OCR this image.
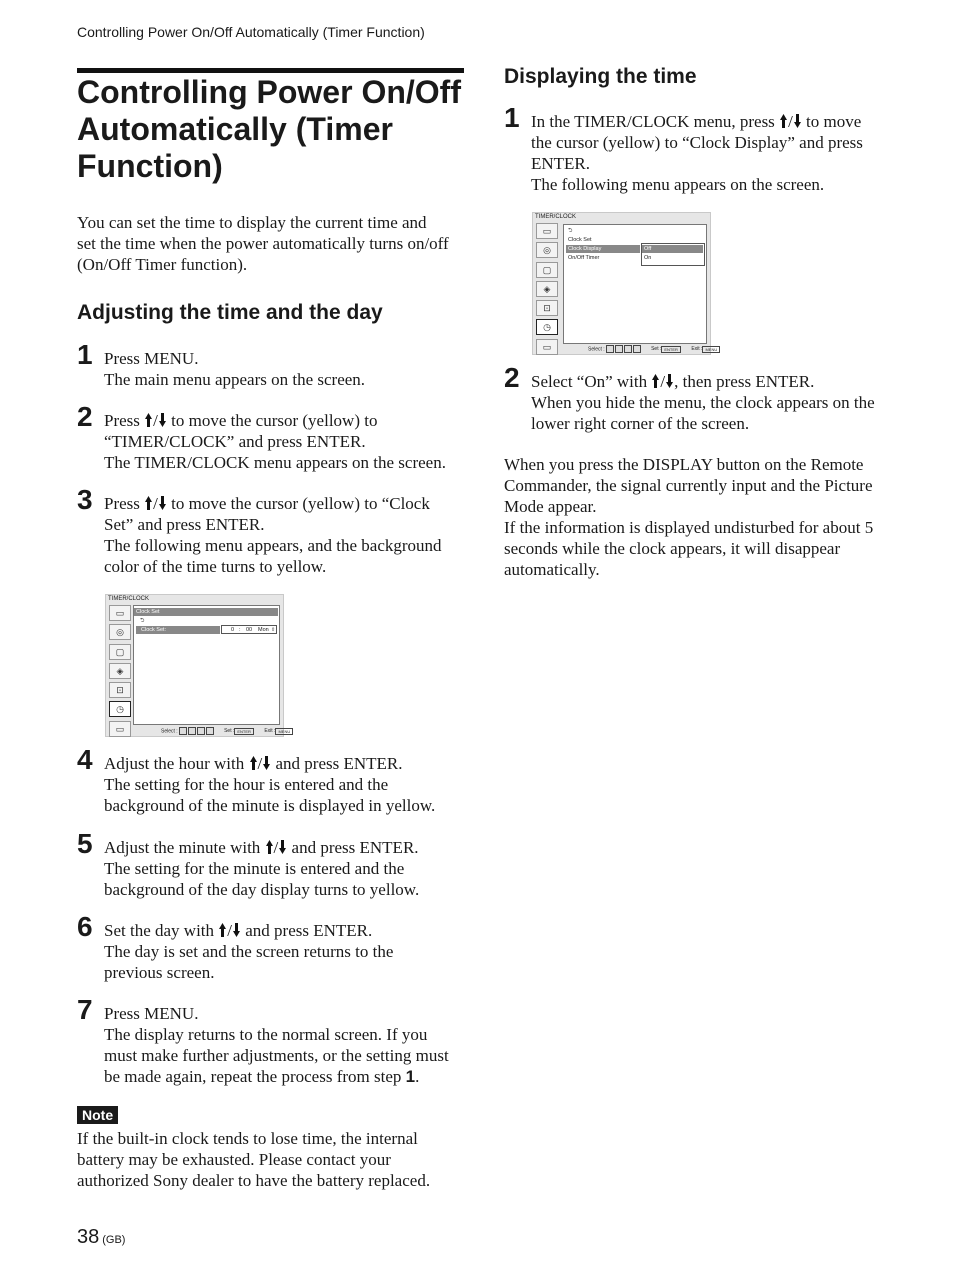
Controlling Power On/Off Automatically (Timer Function)
Controlling Power On/Off Automatically (Timer Function)
You can set the time to display the current time and
set the time when the power automatically turns on/off
(On/Off Timer function).
Adjusting the time and the day
1 Press MENU.
The main menu appears on the screen.
2 Press / to move the cursor (yellow) to
“TIMER/CLOCK” and press ENTER.
The TIMER/CLOCK menu appears on the screen.
3 Press / to move the cursor (yellow) to “Clock
Set” and press ENTER.
The following menu appears, and the background
color of the time turns to yellow.
TIMER/CLOCK
▭
◎
▢
◈
⊡
◷
▭
Clock Set
⮌
Clock Set:	0 : 00 Mon ⇳
Select :	Set : ENTER	Exit : MENU
4 Adjust the hour with / and press ENTER.
The setting for the hour is entered and the
background of the minute is displayed in yellow.
5 Adjust the minute with / and press ENTER.
The setting for the minute is entered and the
background of the day display turns to yellow.
6 Set the day with / and press ENTER.
The day is set and the screen returns to the
previous screen.
7 Press MENU.
The display returns to the normal screen. If you
must make further adjustments, or the setting must
be made again, repeat the process from step 1.
Note
If the built-in clock tends to lose time, the internal
battery may be exhausted. Please contact your
authorized Sony dealer to have the battery replaced.
Displaying the time
1 In the TIMER/CLOCK menu, press / to move
the cursor (yellow) to “Clock Display” and press
ENTER.
The following menu appears on the screen.
TIMER/CLOCK
▭
◎
▢
◈
⊡
◷
▭
⮌
Clock Set
Clock Display
On/Off Timer
Off
On
Select :	Set : ENTER	Exit : MENU
2 Select “On” with / , then press ENTER.
When you hide the menu, the clock appears on the
lower right corner of the screen.
When you press the DISPLAY button on the Remote
Commander, the signal currently input and the Picture
Mode appear.
If the information is displayed undisturbed for about 5
seconds while the clock appears, it will disappear
automatically.
38 (GB)
